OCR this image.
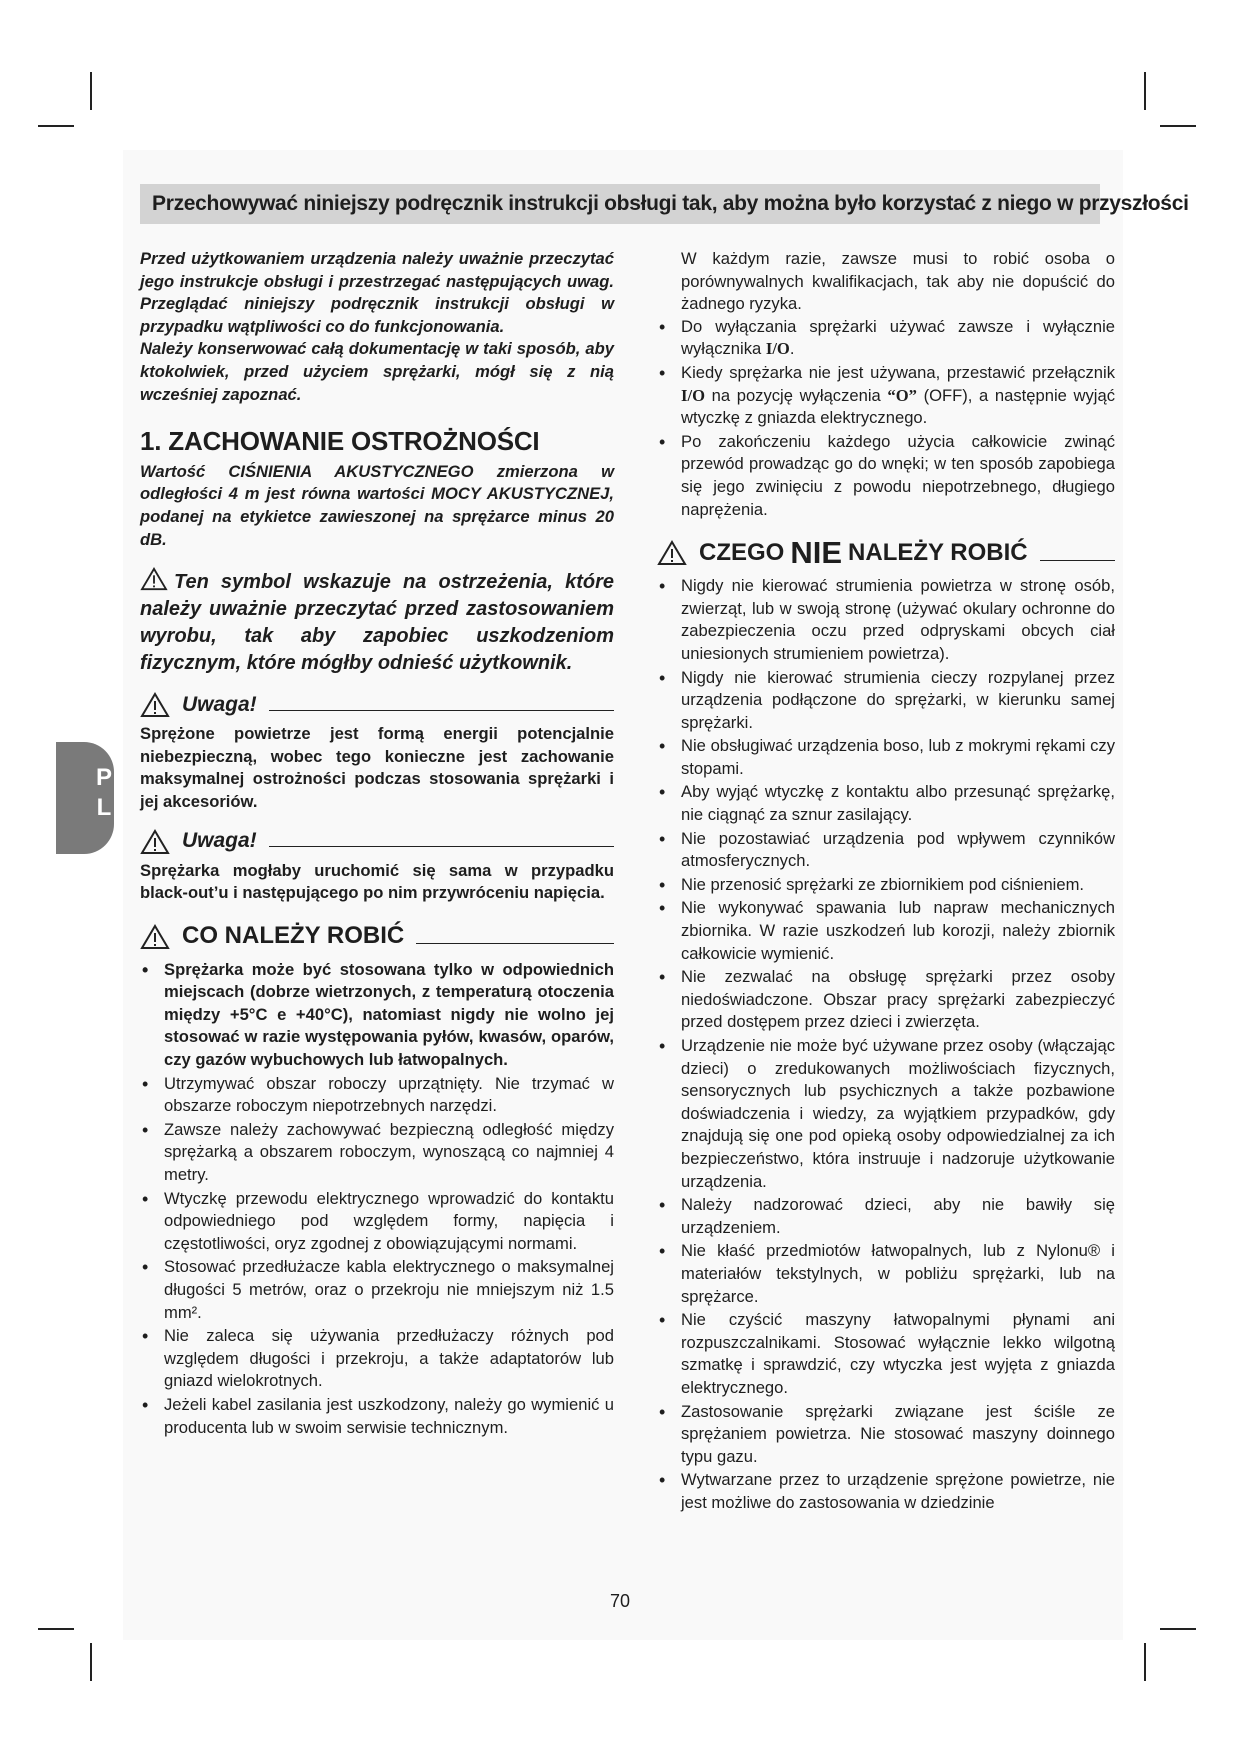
Przechowywać niniejszy podręcznik instrukcji obsługi tak, aby można było korzystać z niego w przyszłości
P
L

Przed użytkowaniem urządzenia należy uważnie przeczytać jego instrukcje obsługi i przestrzegać następujących uwag. Przeglądać niniejszy podręcznik instrukcji obsługi w przypadku wątpliwości co do funkcjonowania.

Należy konserwować całą dokumentację w taki sposób, aby ktokolwiek, przed użyciem sprężarki, mógł się z nią wcześniej zapoznać.

1. ZACHOWANIE OSTROŻNOŚCI

Wartość CIŚNIENIA AKUSTYCZNEGO zmierzona w odległości 4 m jest równa wartości MOCY AKUSTYCZNEJ, podanej na etykietce zawieszonej na sprężarce minus 20 dB.

Ten symbol wskazuje na ostrzeżenia, które należy uważnie przeczytać przed zastosowaniem wyrobu, tak aby zapobiec uszkodzeniom fizycznym, które mógłby odnieść użytkownik.

Uwaga!

Sprężone powietrze jest formą energii potencjalnie niebezpieczną, wobec tego konieczne jest zachowanie maksymalnej ostrożności podczas stosowania sprężarki i jej akcesoriów.

Uwaga!

Sprężarka mogłaby uruchomić się sama w przypadku black-out’u i następującego po nim przywróceniu napięcia.

CO NALEŻY ROBIĆ
• Sprężarka może być stosowana tylko w odpowiednich miejscach (dobrze wietrzonych, z temperaturą otoczenia między +5°C e +40°C), natomiast nigdy nie wolno jej stosować w razie występowania pyłów, kwasów, oparów, czy gazów wybuchowych lub łatwopalnych.
• Utrzymywać obszar roboczy uprzątnięty. Nie trzymać w obszarze roboczym niepotrzebnych narzędzi.
• Zawsze należy zachowywać bezpieczną odległość między sprężarką a obszarem roboczym, wynoszącą co najmniej 4 metry.
• Wtyczkę przewodu elektrycznego wprowadzić do kontaktu odpowiedniego pod względem formy, napięcia i częstotliwości, oryz zgodnej z obowiązującymi normami.
• Stosować przedłużacze kabla elektrycznego o maksymalnej długości 5 metrów, oraz o przekroju nie mniejszym niż 1.5 mm².
• Nie zaleca się używania przedłużaczy różnych pod względem długości i przekroju, a także adaptatorów lub gniazd wielokrotnych.
• Jeżeli kabel zasilania jest uszkodzony, należy go wymienić u producenta lub w swoim serwisie technicznym.

W każdym razie, zawsze musi to robić osoba o porównywalnych kwalifikacjach, tak aby nie dopuścić do żadnego ryzyka.

• Do wyłączania sprężarki używać zawsze i wyłącznie wyłącznika I/O.
• Kiedy sprężarka nie jest używana, przestawić przełącznik I/O na pozycję wyłączenia “O” (OFF), a następnie wyjąć wtyczkę z gniazda elektrycznego.
• Po zakończeniu każdego użycia całkowicie zwinąć przewód prowadząc go do wnęki; w ten sposób zapobiega się jego zwinięciu z powodu niepotrzebnego, długiego naprężenia.
CZEGO NIE NALEŻY ROBIĆ
• Nigdy nie kierować strumienia powietrza w stronę osób, zwierząt, lub w swoją stronę (używać okulary ochronne do zabezpieczenia oczu przed odpryskami obcych ciał uniesionych strumieniem powietrza).
• Nigdy nie kierować strumienia cieczy rozpylanej przez urządzenia podłączone do sprężarki, w kierunku samej sprężarki.
• Nie obsługiwać urządzenia boso, lub z mokrymi rękami czy stopami.
• Aby wyjąć wtyczkę z kontaktu albo przesunąć sprężarkę, nie ciągnąć za sznur zasilający.
• Nie pozostawiać urządzenia pod wpływem czynników atmosferycznych.
• Nie przenosić sprężarki ze zbiornikiem pod ciśnieniem.
• Nie wykonywać spawania lub napraw mechanicznych zbiornika. W razie uszkodzeń lub korozji, należy zbiornik całkowicie wymienić.
• Nie zezwalać na obsługę sprężarki przez osoby niedoświadczone. Obszar pracy sprężarki zabezpieczyć przed dostępem przez dzieci i zwierzęta.
• Urządzenie nie może być używane przez osoby (włączając dzieci) o zredukowanych możliwościach fizycznych, sensorycznych lub psychicznych a także pozbawione doświadczenia i wiedzy, za wyjątkiem przypadków, gdy znajdują się one pod opieką osoby odpowiedzialnej za ich bezpieczeństwo, która instruuje i nadzoruje użytkowanie urządzenia.
• Należy nadzorować dzieci, aby nie bawiły się urządzeniem.
• Nie kłaść przedmiotów łatwopalnych, lub z Nylonu® i materiałów tekstylnych, w pobliżu sprężarki, lub na sprężarce.
• Nie czyścić maszyny łatwopalnymi płynami ani rozpuszczalnikami. Stosować wyłącznie lekko wilgotną szmatkę i sprawdzić, czy wtyczka jest wyjęta z gniazda elektrycznego.
• Zastosowanie sprężarki związane jest ściśle ze sprężaniem powietrza. Nie stosować maszyny doinnego typu gazu.
• Wytwarzane przez to urządzenie sprężone powietrze, nie jest możliwe do zastosowania w dziedzinie
70
